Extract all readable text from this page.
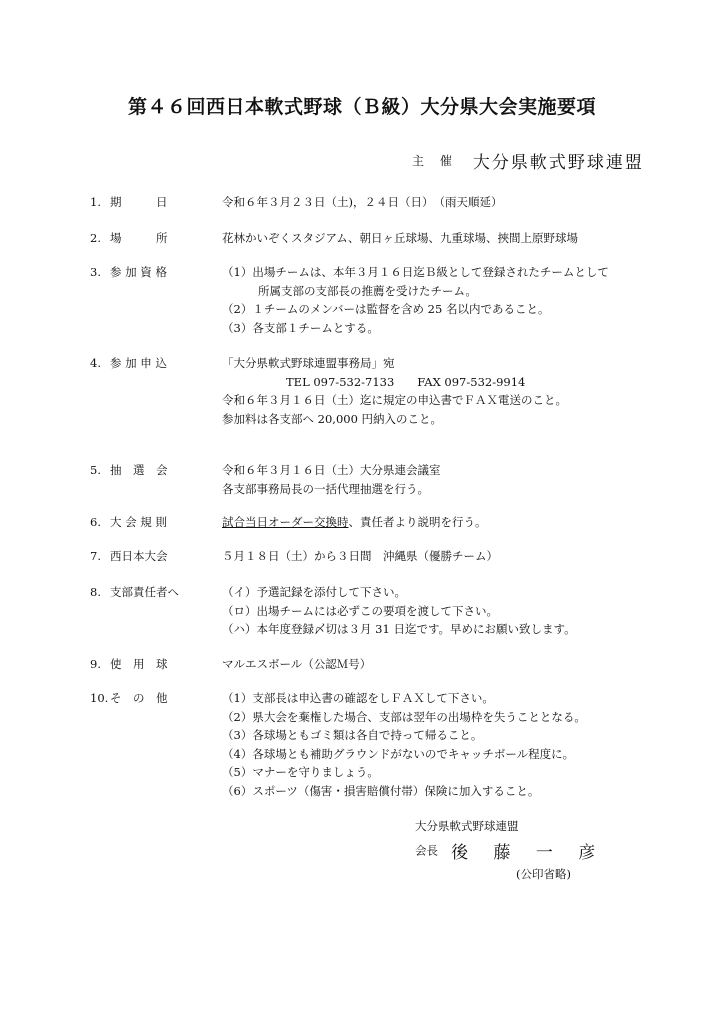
第４６回西日本軟式野球（Ｂ級）大分県大会実施要項
主 催 大分県軟式野球連盟
1. 期　　　日	令和６年３月２３日（土)，２４日（日）　（雨天順延）
2. 場　　　所	花林かいぞくスタジアム、朝日ヶ丘球場、九重球場、挾間上原野球場
3. 参 加 資 格	（1）出場チームは、本年３月１６日迄Ｂ級として登録されたチームとして
所属支部の支部長の推薦を受けたチーム。
（2）１チームのメンバーは監督を含め 25 名以内であること。
（3）各支部１チームとする。
4. 参 加 申 込	「大分県軟式野球連盟事務局」宛
TEL 097-532-7133　　FAX 097-532-9914
令和６年３月１６日（土）迄に規定の申込書でＦＡＸ電送のこと。
参加料は各支部へ 20,000 円納入のこと。
5. 抽　選　会	令和６年３月１６日（土）大分県連会議室
各支部事務局長の一括代理抽選を行う。
6. 大 会 規 則	試合当日オーダー交換時、責任者より説明を行う。
7. 西日本大会	５月１８日（土）から３日間　沖縄県（優勝チーム）
8. 支部責任者へ	（イ）予選記録を添付して下さい。
（ロ）出場チームには必ずこの要項を渡して下さい。
（ハ）本年度登録〆切は３月 31 日迄です。早めにお願い致します。
9. 使　用　球	マルエスボール（公認Ｍ号）
10. そ　の　他	（1）支部長は申込書の確認をしＦＡＸして下さい。
（2）県大会を棄権した場合、支部は翌年の出場枠を失うこととなる。
（3）各球場ともゴミ類は各自で持って帰ること。
（4）各球場とも補助グラウンドがないのでキャッチボール程度に。
（5）マナーを守りましょう。
（6）スポーツ（傷害・損害賠償付帯）保険に加入すること。
大分県軟式野球連盟
会長 後 藤 一 彦
(公印省略)
